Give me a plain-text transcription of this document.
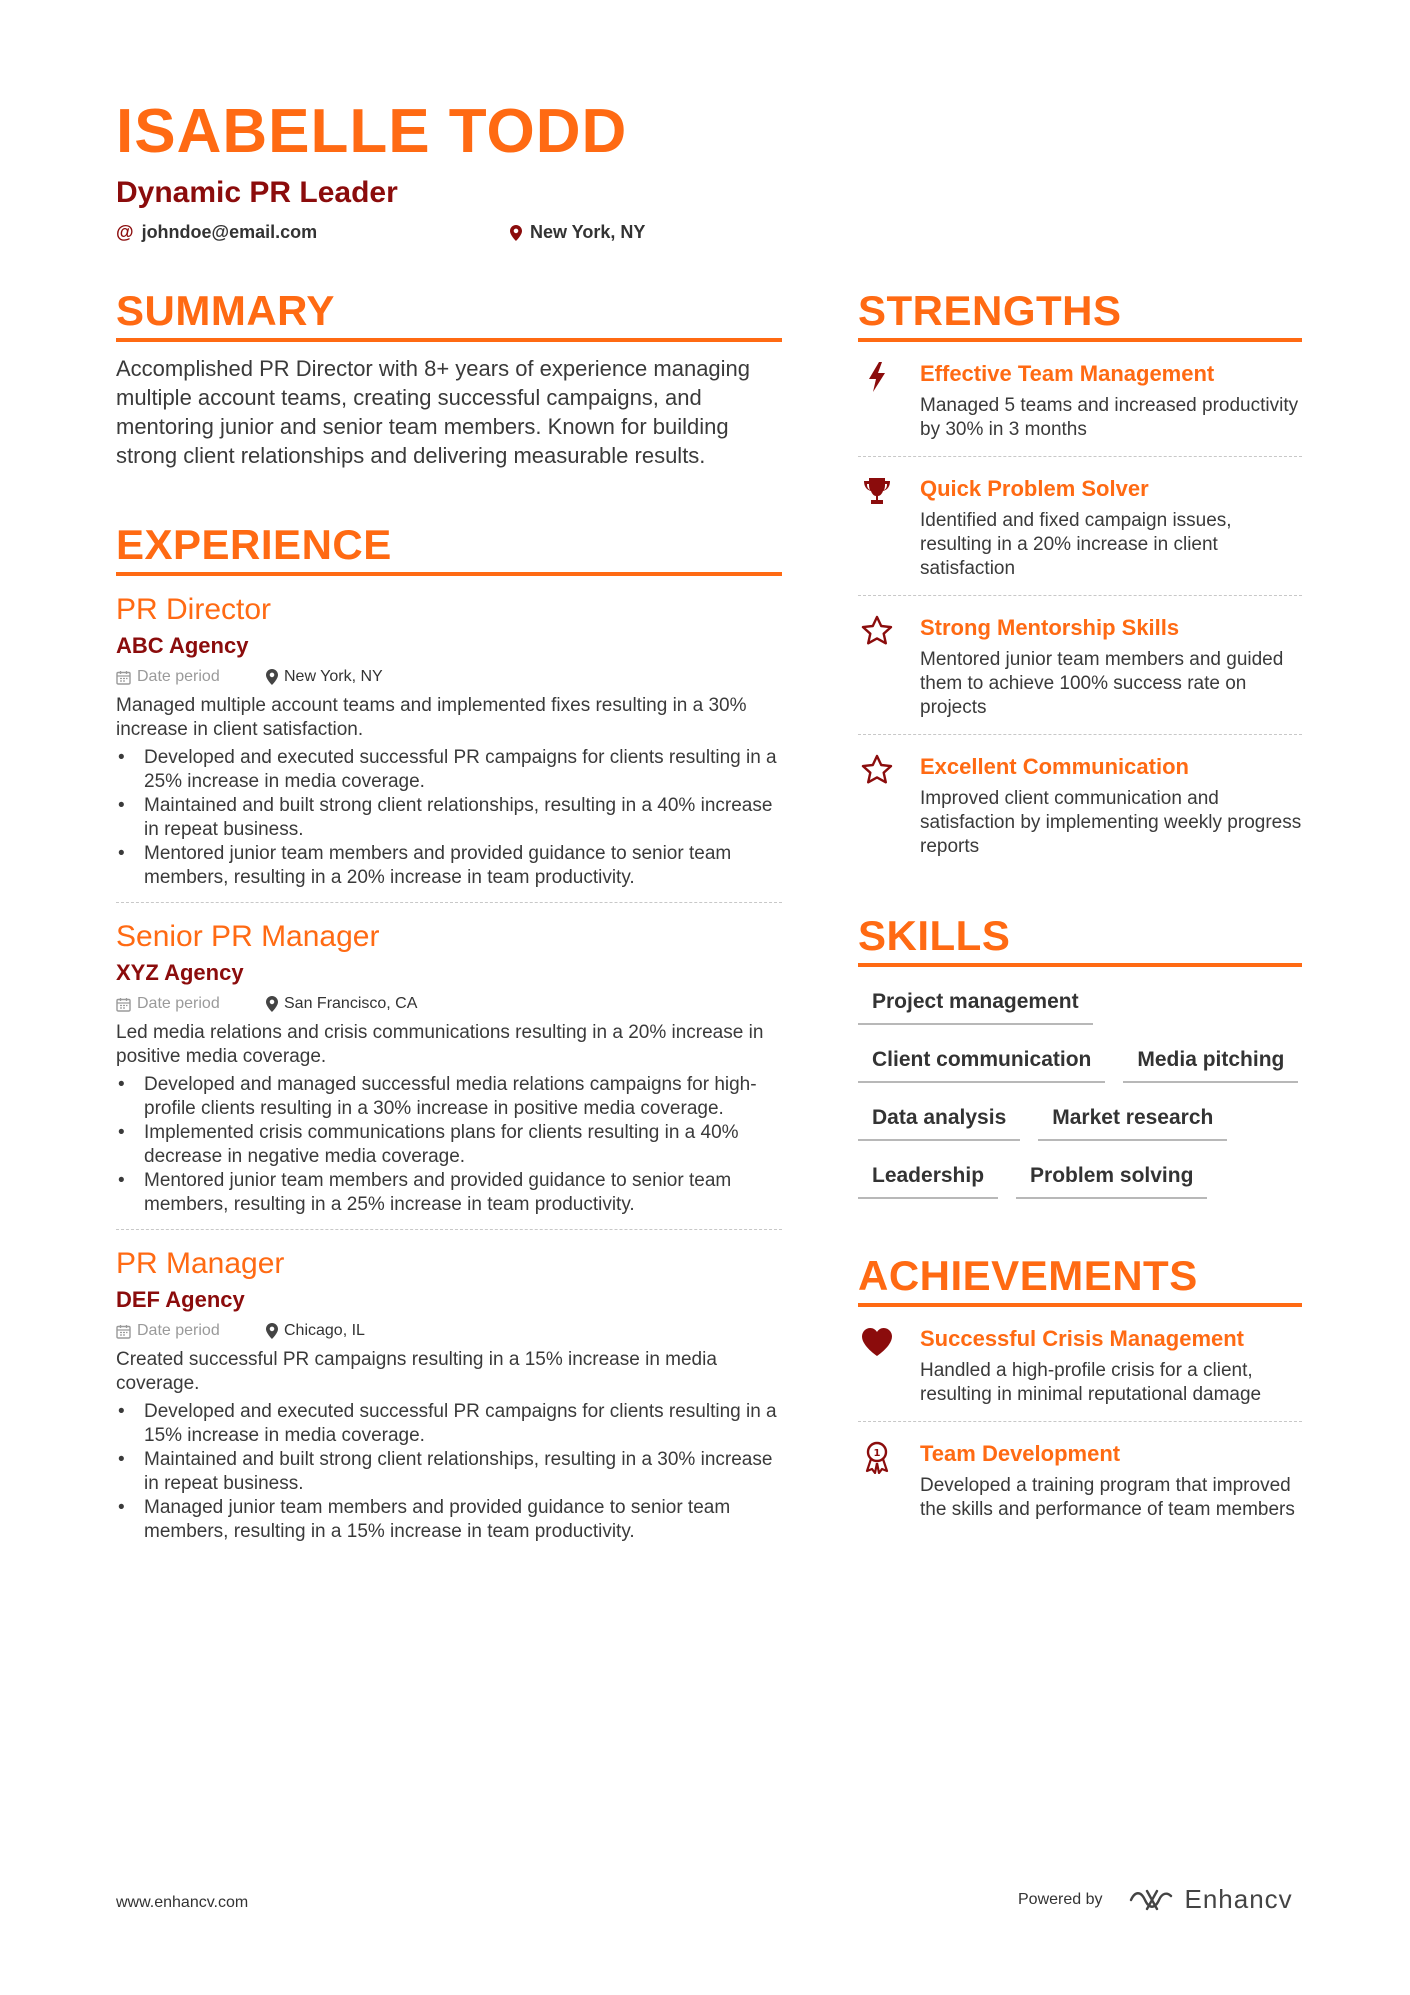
ISABELLE TODD
Dynamic PR Leader
@ johndoe@email.com	New York, NY
SUMMARY
Accomplished PR Director with 8+ years of experience managing multiple account teams, creating successful campaigns, and mentoring junior and senior team members. Known for building strong client relationships and delivering measurable results.
EXPERIENCE
PR Director
ABC Agency
Date period	New York, NY
Managed multiple account teams and implemented fixes resulting in a 30% increase in client satisfaction.
• Developed and executed successful PR campaigns for clients resulting in a 25% increase in media coverage.
• Maintained and built strong client relationships, resulting in a 40% increase in repeat business.
• Mentored junior team members and provided guidance to senior team members, resulting in a 20% increase in team productivity.
Senior PR Manager
XYZ Agency
Date period	San Francisco, CA
Led media relations and crisis communications resulting in a 20% increase in positive media coverage.
• Developed and managed successful media relations campaigns for high-profile clients resulting in a 30% increase in positive media coverage.
• Implemented crisis communications plans for clients resulting in a 40% decrease in negative media coverage.
• Mentored junior team members and provided guidance to senior team members, resulting in a 25% increase in team productivity.
PR Manager
DEF Agency
Date period	Chicago, IL
Created successful PR campaigns resulting in a 15% increase in media coverage.
• Developed and executed successful PR campaigns for clients resulting in a 15% increase in media coverage.
• Maintained and built strong client relationships, resulting in a 30% increase in repeat business.
• Managed junior team members and provided guidance to senior team members, resulting in a 15% increase in team productivity.
STRENGTHS
Effective Team Management
Managed 5 teams and increased productivity by 30% in 3 months
Quick Problem Solver
Identified and fixed campaign issues, resulting in a 20% increase in client satisfaction
Strong Mentorship Skills
Mentored junior team members and guided them to achieve 100% success rate on projects
Excellent Communication
Improved client communication and satisfaction by implementing weekly progress reports
SKILLS
Project management
Client communication	Media pitching
Data analysis	Market research
Leadership	Problem solving
ACHIEVEMENTS
Successful Crisis Management
Handled a high-profile crisis for a client, resulting in minimal reputational damage
1 Team Development
Developed a training program that improved the skills and performance of team members
www.enhancv.com	Powered by	Enhancv
